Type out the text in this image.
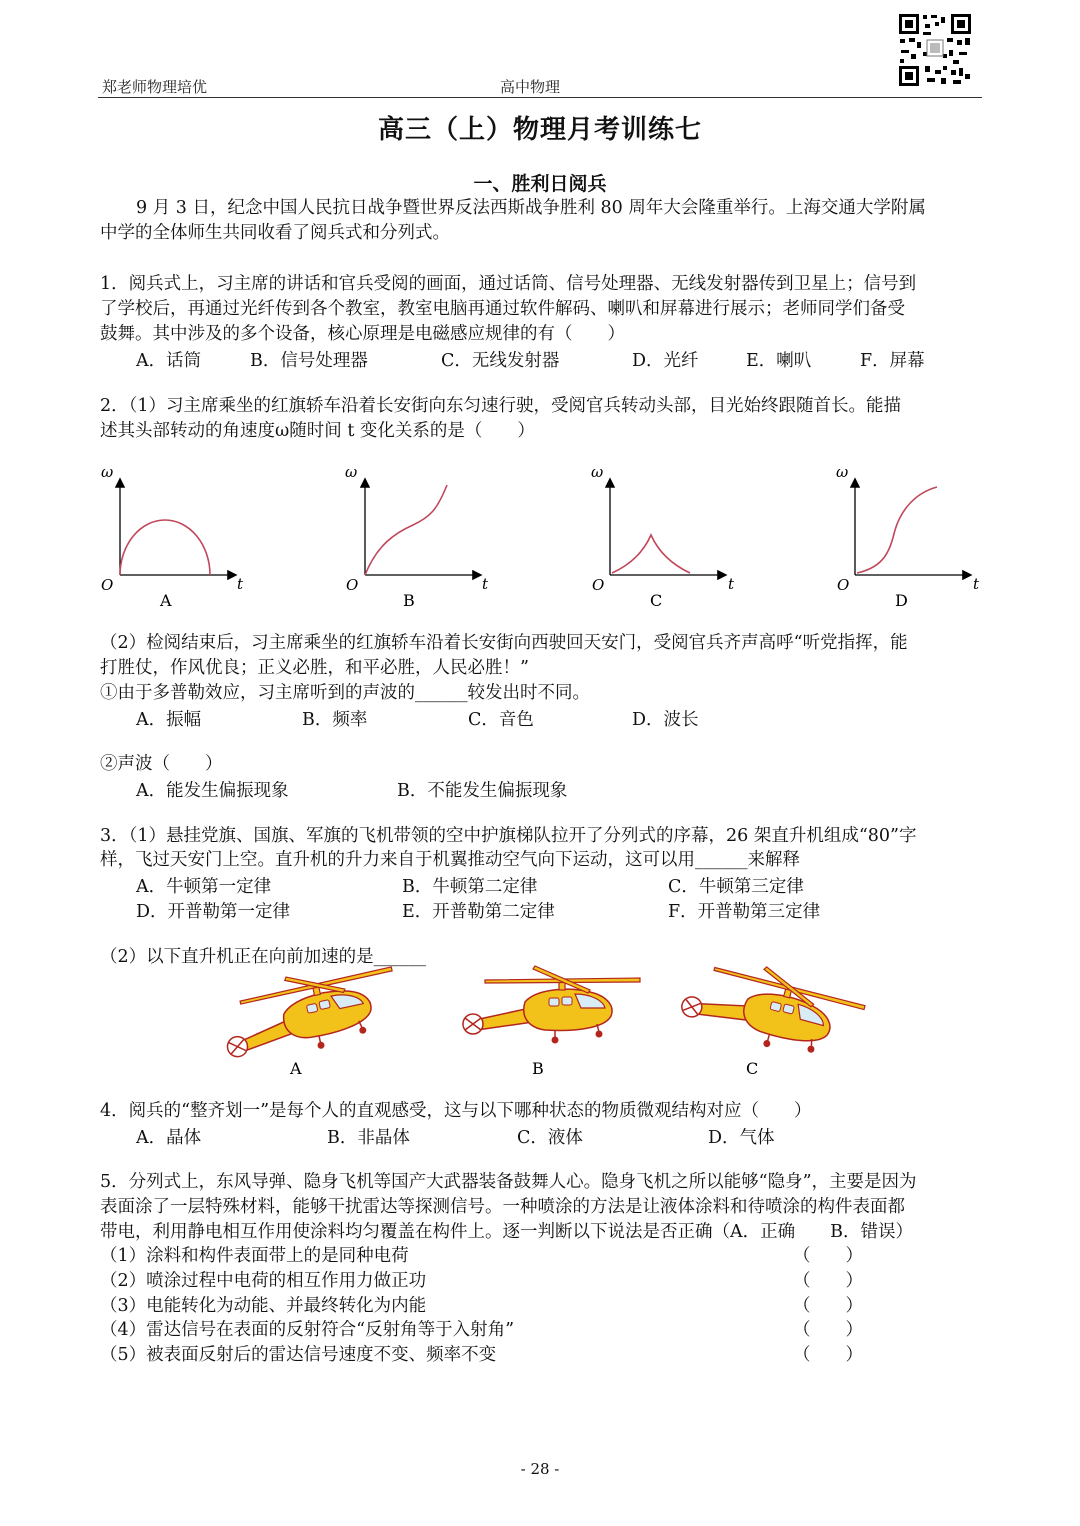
郑老师物理培优	高中物理
高三（上）物理月考训练七
一、胜利日阅兵
9 月 3 日，纪念中国人民抗日战争暨世界反法西斯战争胜利 80 周年大会隆重举行。上海交通大学附属
中学的全体师生共同收看了阅兵式和分列式。
1．阅兵式上，习主席的讲话和官兵受阅的画面，通过话筒、信号处理器、无线发射器传到卫星上；信号到
了学校后，再通过光纤传到各个教室，教室电脑再通过软件解码、喇叭和屏幕进行展示；老师同学们备受
鼓舞。其中涉及的多个设备，核心原理是电磁感应规律的有（　　）
A．话筒	B．信号处理器	C．无线发射器	D．光纤	E．喇叭	F．屏幕
2．（1）习主席乘坐的红旗轿车沿着长安街向东匀速行驶，受阅官兵转动头部，目光始终跟随首长。能描
述其头部转动的角速度ω随时间 t 变化关系的是（　　）
ω
t
O
A
ω
t
O
B
ω
t
O
C
ω
t
O
D
（2）检阅结束后，习主席乘坐的红旗轿车沿着长安街向西驶回天安门，受阅官兵齐声高呼“听党指挥，能
打胜仗，作风优良；正义必胜，和平必胜，人民必胜！”
①由于多普勒效应，习主席听到的声波的______较发出时不同。
A．振幅	B．频率	C．音色	D．波长
②声波（　　）
A．能发生偏振现象	B．不能发生偏振现象
3．（1）悬挂党旗、国旗、军旗的飞机带领的空中护旗梯队拉开了分列式的序幕，26 架直升机组成“80”字
样，飞过天安门上空。直升机的升力来自于机翼推动空气向下运动，这可以用______来解释
A．牛顿第一定律	B．牛顿第二定律	C．牛顿第三定律
D．开普勒第一定律	E．开普勒第二定律	F．开普勒第三定律
（2）以下直升机正在向前加速的是______
A	B	C
4．阅兵的“整齐划一”是每个人的直观感受，这与以下哪种状态的物质微观结构对应（　　）
A．晶体	B．非晶体	C．液体	D．气体
5．分列式上，东风导弹、隐身飞机等国产大武器装备鼓舞人心。隐身飞机之所以能够“隐身”，主要是因为
表面涂了一层特殊材料，能够干扰雷达等探测信号。一种喷涂的方法是让液体涂料和待喷涂的构件表面都
带电，利用静电相互作用使涂料均匀覆盖在构件上。逐一判断以下说法是否正确（A．正确　　B．错误）
（1）涂料和构件表面带上的是同种电荷	（　　）
（2）喷涂过程中电荷的相互作用力做正功	（　　）
（3）电能转化为动能、并最终转化为内能	（　　）
（4）雷达信号在表面的反射符合“反射角等于入射角”	（　　）
（5）被表面反射后的雷达信号速度不变、频率不变	（　　）
- 28 -
